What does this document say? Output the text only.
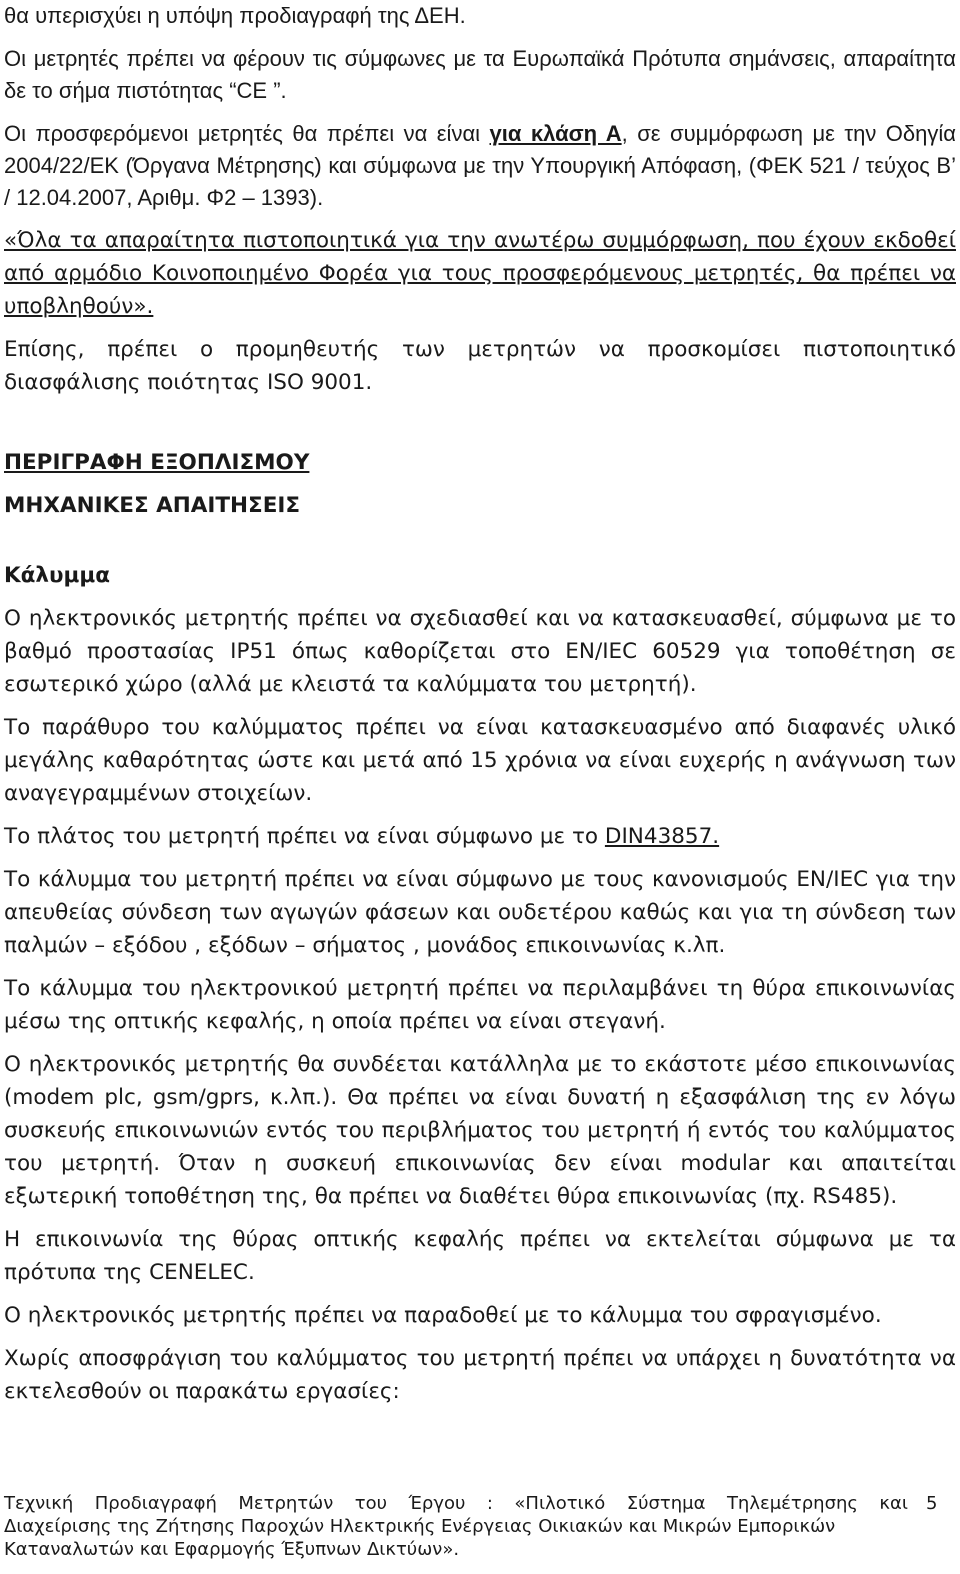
θα υπερισχύει η υπόψη προδιαγραφή της ΔΕΗ.

Οι μετρητές πρέπει να φέρουν τις σύμφωνες με τα Ευρωπαϊκά Πρότυπα σημάνσεις, απαραίτητα δε το σήμα πιστότητας “CE ”.

Οι προσφερόμενοι μετρητές θα πρέπει να είναι για κλάση Α, σε συμμόρφωση με την Οδηγία 2004/22/ΕΚ (Όργανα Μέτρησης) και σύμφωνα με την Υπουργική Απόφαση, (ΦΕΚ 521 / τεύχος Β’ / 12.04.2007, Αριθμ. Φ2 – 1393).

«Όλα τα απαραίτητα πιστοποιητικά για την ανωτέρω συμμόρφωση, που έχουν εκδοθεί από αρμόδιο Κοινοποιημένο Φορέα για τους προσφερόμενους μετρητές, θα πρέπει να υποβληθούν».

Επίσης, πρέπει ο προμηθευτής των μετρητών να προσκομίσει πιστοποιητικό διασφάλισης ποιότητας ISO 9001.

ΠΕΡΙΓΡΑΦΗ ΕΞΟΠΛΙΣΜΟΥ

ΜΗΧΑΝΙΚΕΣ ΑΠΑΙΤΗΣΕΙΣ

Κάλυμμα

Ο ηλεκτρονικός μετρητής πρέπει να σχεδιασθεί και να κατασκευασθεί, σύμφωνα με το βαθμό προστασίας IP51 όπως καθορίζεται στο EN/IEC 60529 για τοποθέτηση σε εσωτερικό χώρο (αλλά με κλειστά τα καλύμματα του μετρητή).

Το παράθυρο του καλύμματος πρέπει να είναι κατασκευασμένο από διαφανές υλικό μεγάλης καθαρότητας ώστε και μετά από 15 χρόνια να είναι ευχερής η ανάγνωση των αναγεγραμμένων στοιχείων.

Το πλάτος του μετρητή πρέπει να είναι σύμφωνο με το DIN43857.

Το κάλυμμα του μετρητή πρέπει να είναι σύμφωνο με τους κανονισμούς EN/IEC για την απευθείας σύνδεση των αγωγών φάσεων και ουδετέρου καθώς και για τη σύνδεση των παλμών – εξόδου , εξόδων – σήματος , μονάδος επικοινωνίας κ.λπ.

Το κάλυμμα του ηλεκτρονικού μετρητή πρέπει να περιλαμβάνει τη θύρα επικοινωνίας μέσω της οπτικής κεφαλής, η οποία πρέπει να είναι στεγανή.

Ο ηλεκτρονικός μετρητής θα συνδέεται κατάλληλα με το εκάστοτε μέσο επικοινωνίας (modem plc, gsm/gprs, κ.λπ.). Θα πρέπει να είναι δυνατή η εξασφάλιση της εν λόγω συσκευής επικοινωνιών εντός του περιβλήματος του μετρητή ή εντός του καλύμματος του μετρητή. Όταν η συσκευή επικοινωνίας δεν είναι modular και απαιτείται εξωτερική τοποθέτηση της, θα πρέπει να διαθέτει θύρα επικοινωνίας (πχ. RS485).

Η επικοινωνία της θύρας οπτικής κεφαλής πρέπει να εκτελείται σύμφωνα με τα πρότυπα της CENELEC.

Ο ηλεκτρονικός μετρητής πρέπει να παραδοθεί με το κάλυμμα του σφραγισμένο.

Χωρίς αποσφράγιση του καλύμματος του μετρητή πρέπει να υπάρχει η δυνατότητα να εκτελεσθούν οι παρακάτω εργασίες:

Τεχνική Προδιαγραφή Μετρητών του Έργου : «Πιλοτικό Σύστημα Τηλεμέτρησης και	5
Διαχείρισης της Ζήτησης Παροχών Ηλεκτρικής Ενέργειας Οικιακών και Μικρών Εμπορικών
Καταναλωτών και Εφαρμογής Έξυπνων Δικτύων».
